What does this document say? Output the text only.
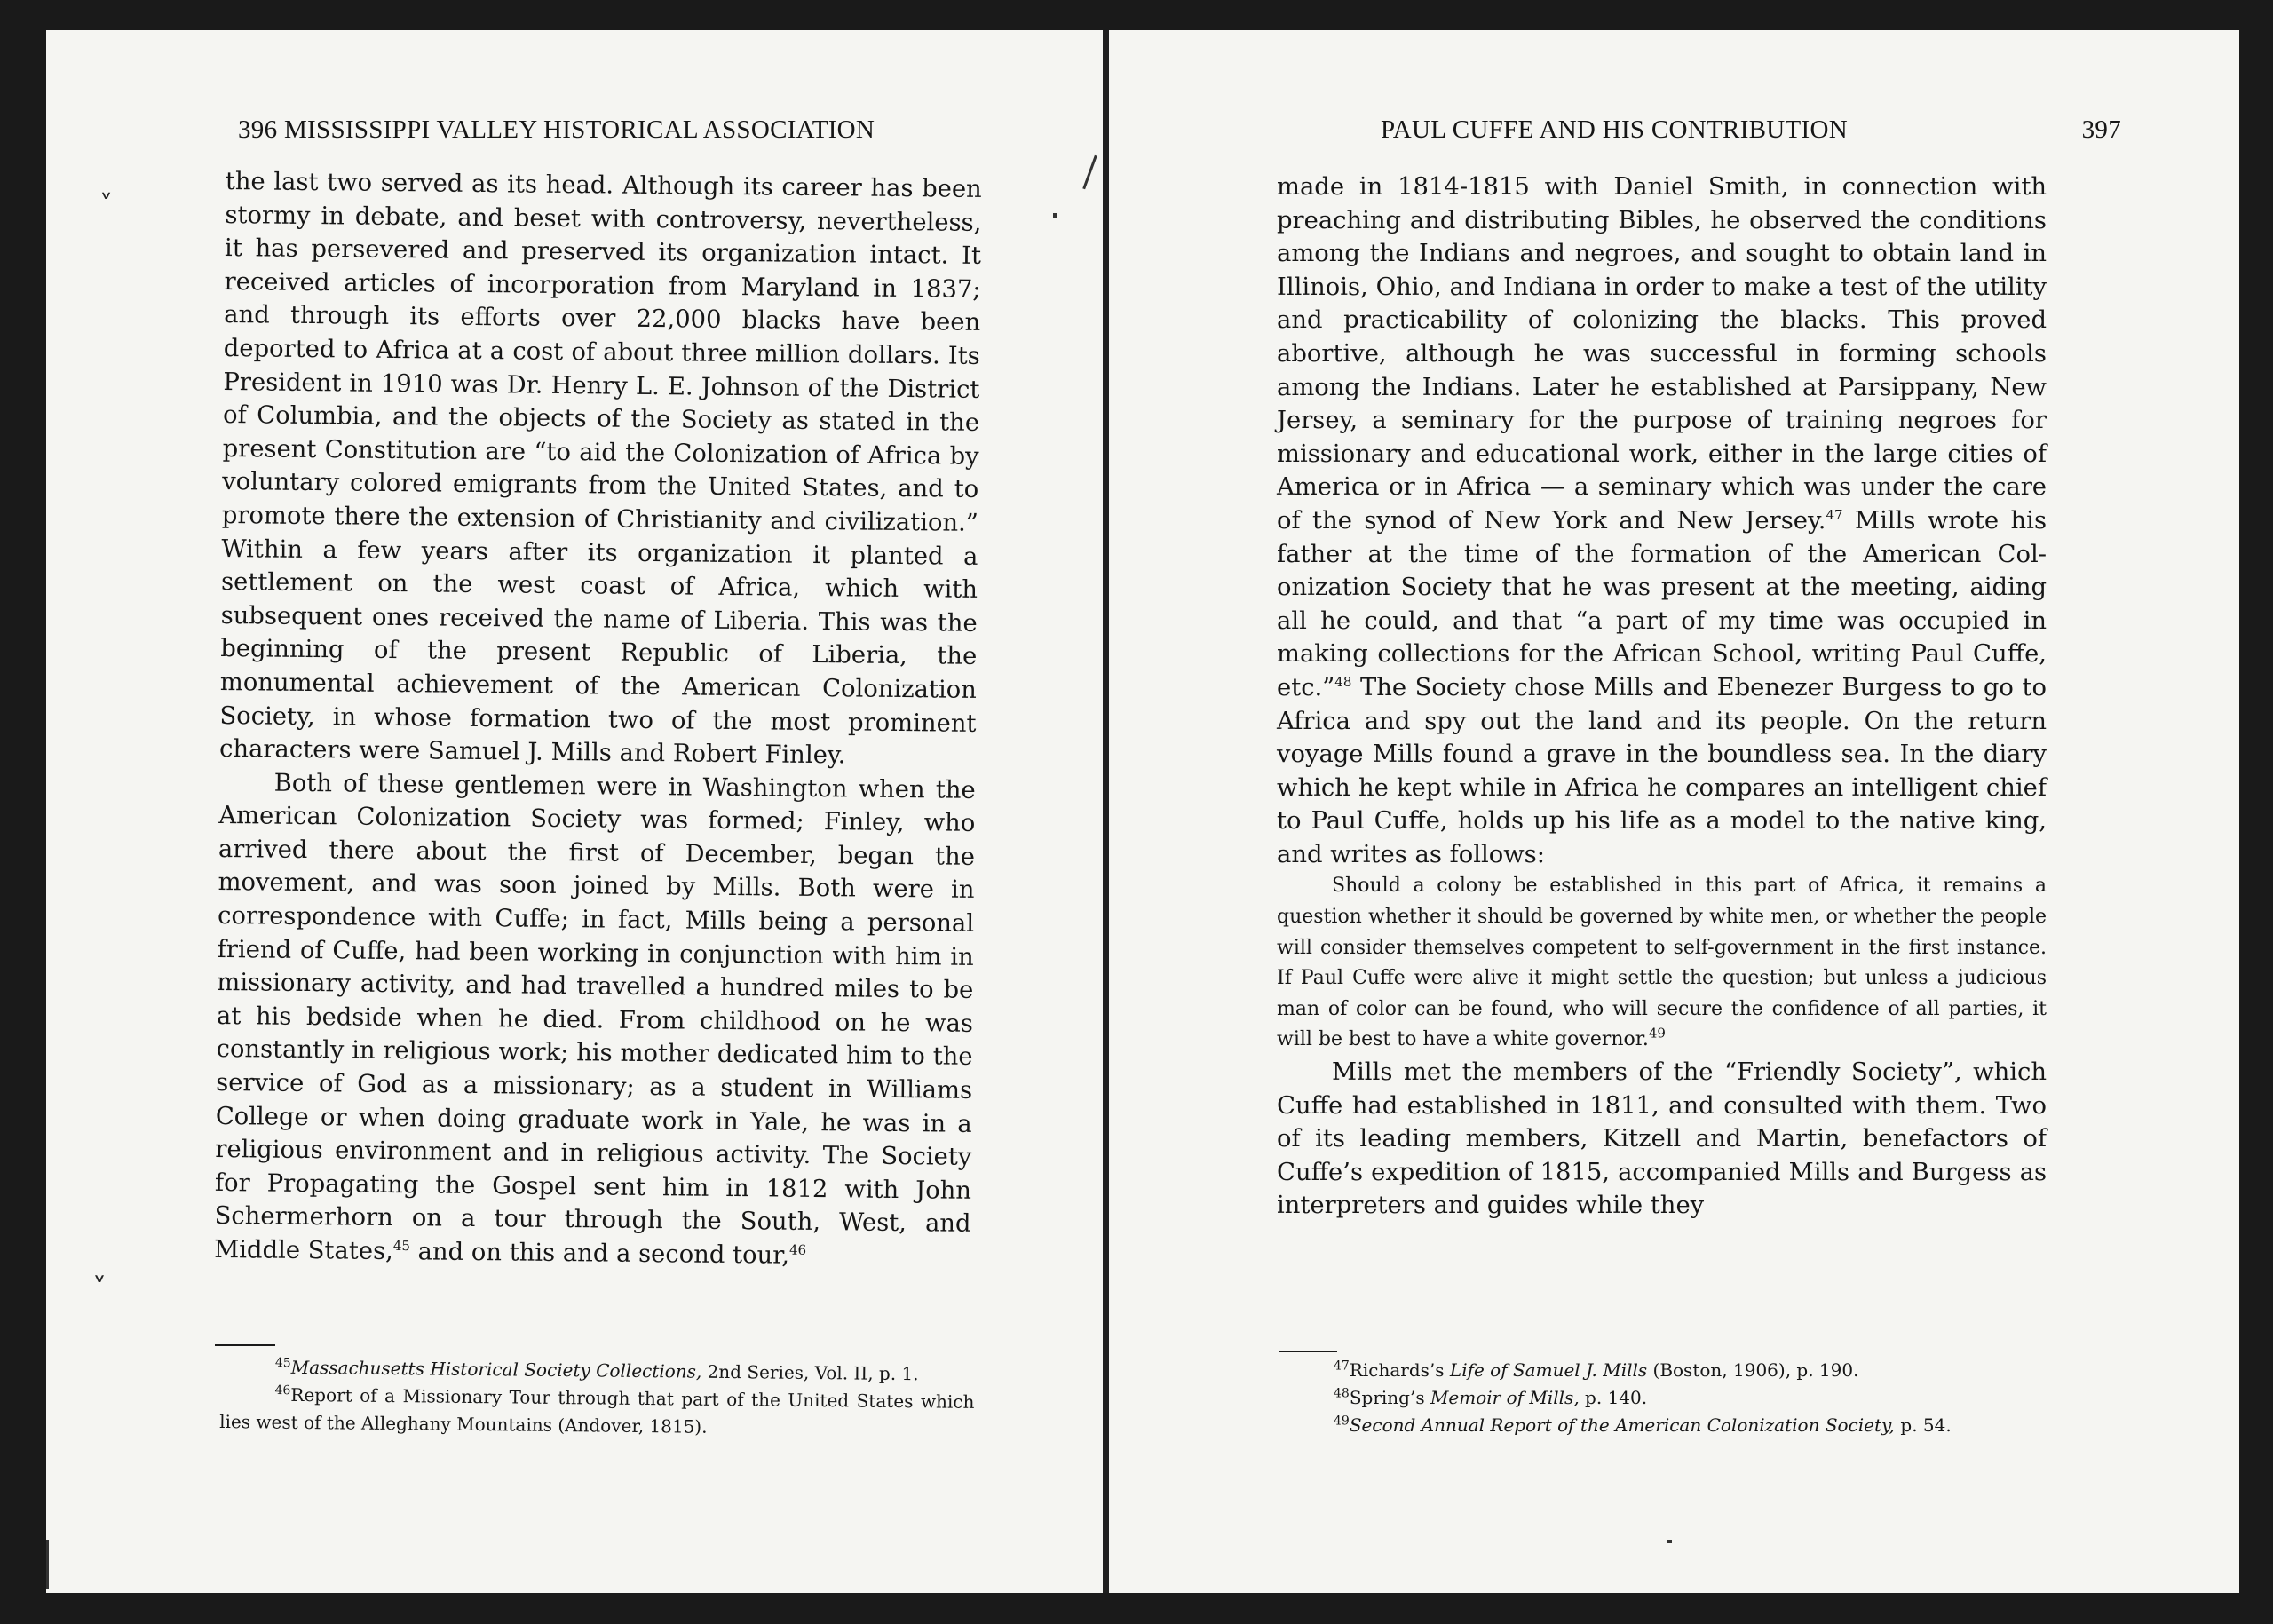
396 MISSISSIPPI VALLEY HISTORICAL ASSOCIATION

the last two served as its head. Although its career has been stormy in debate, and beset with controversy, nevertheless, it has persevered and preserved its organization intact. It received articles of incorporation from Maryland in 1837; and through its efforts over 22,000 blacks have been deported to Africa at a cost of about three million dollars. Its President in 1910 was Dr. Henry L. E. Johnson of the District of Columbia, and the objects of the Society as stated in the present Constitution are “to aid the Colonization of Africa by voluntary colored emigrants from the United States, and to promote there the extension of Christianity and civilization.” Within a few years after its organization it planted a settlement on the west coast of Africa, which with subsequent ones received the name of Liberia. This was the beginning of the present Republic of Liberia, the monumental achievement of the American Colonization Society, in whose formation two of the most prominent characters were Samuel J. Mills and Robert Finley.

Both of these gentlemen were in Washington when the American Colonization Society was formed; Finley, who arrived there about the first of December, began the movement, and was soon joined by Mills. Both were in correspondence with Cuffe; in fact, Mills being a personal friend of Cuffe, had been working in conjunction with him in missionary activity, and had travelled a hundred miles to be at his bedside when he died. From childhood on he was constantly in religious work; his mother dedicated him to the service of God as a missionary; as a student in Williams College or when doing graduate work in Yale, he was in a religious environment and in religious activity. The Society for Propagating the Gospel sent him in 1812 with John Schermerhorn on a tour through the South, West, and Middle States,$^{45}$ and on this and a second tour,$^{46}$

$^{45}$Massachusetts Historical Society Collections, 2nd Series, Vol. II, p. 1.

$^{46}$Report of a Missionary Tour through that part of the United States which lies west of the Alleghany Mountains (Andover, 1815).

PAUL CUFFE AND HIS CONTRIBUTION	397

made in 1814-1815 with Daniel Smith, in connection with preaching and distributing Bibles, he observed the conditions among the Indians and negroes, and sought to obtain land in Illinois, Ohio, and Indiana in order to make a test of the utility and practicability of colonizing the blacks. This proved abortive, although he was successful in forming schools among the Indians. Later he established at Parsippany, New Jersey, a seminary for the purpose of training negroes for missionary and educational work, either in the large cities of America or in Africa — a seminary which was under the care of the synod of New York and New Jersey.$^{47}$ Mills wrote his father at the time of the formation of the American Colonization Society that he was present at the meeting, aiding all he could, and that “a part of my time was occupied in making collections for the African School, writing Paul Cuffe, etc.”$^{48}$ The Society chose Mills and Ebenezer Burgess to go to Africa and spy out the land and its people. On the return voyage Mills found a grave in the boundless sea. In the diary which he kept while in Africa he compares an intelligent chief to Paul Cuffe, holds up his life as a model to the native king, and writes as follows:

Should a colony be established in this part of Africa, it remains a question whether it should be governed by white men, or whether the people will consider themselves competent to self-government in the first instance. If Paul Cuffe were alive it might settle the question; but unless a judicious man of color can be found, who will secure the confidence of all parties, it will be best to have a white governor.$^{49}$

Mills met the members of the “Friendly Society”, which Cuffe had established in 1811, and consulted with them. Two of its leading members, Kitzell and Martin, benefactors of Cuffe’s expedition of 1815, accompanied Mills and Burgess as interpreters and guides while they

$^{47}$Richards’s Life of Samuel J. Mills (Boston, 1906), p. 190.

$^{48}$Spring’s Memoir of Mills, p. 140.

$^{49}$Second Annual Report of the American Colonization Society, p. 54.

˅
˅
